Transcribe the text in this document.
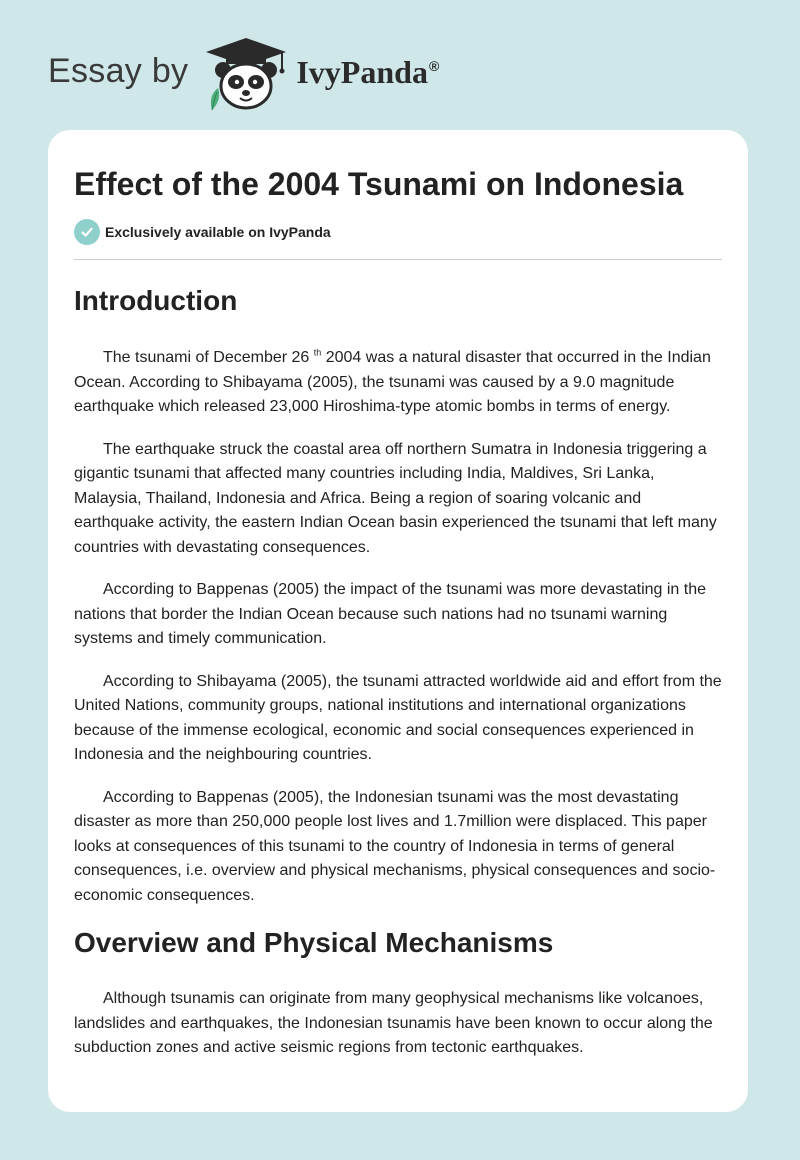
Essay by	IvyPanda®
Effect of the 2004 Tsunami on Indonesia
Exclusively available on IvyPanda
Introduction

The tsunami of December 26 $^{th}$ 2004 was a natural disaster that occurred in the Indian Ocean. According to Shibayama (2005), the tsunami was caused by a 9.0 magnitude earthquake which released 23,000 Hiroshima-type atomic bombs in terms of energy.

The earthquake struck the coastal area off northern Sumatra in Indonesia triggering a gigantic tsunami that affected many countries including India, Maldives, Sri Lanka, Malaysia, Thailand, Indonesia and Africa. Being a region of soaring volcanic and earthquake activity, the eastern Indian Ocean basin experienced the tsunami that left many countries with devastating consequences.

According to Bappenas (2005) the impact of the tsunami was more devastating in the nations that border the Indian Ocean because such nations had no tsunami warning systems and timely communication.

According to Shibayama (2005), the tsunami attracted worldwide aid and effort from the United Nations, community groups, national institutions and international organizations because of the immense ecological, economic and social consequences experienced in Indonesia and the neighbouring countries.

According to Bappenas (2005), the Indonesian tsunami was the most devastating disaster as more than 250,000 people lost lives and 1.7million were displaced. This paper looks at consequences of this tsunami to the country of Indonesia in terms of general consequences, i.e. overview and physical mechanisms, physical consequences and socio-economic consequences.

Overview and Physical Mechanisms

Although tsunamis can originate from many geophysical mechanisms like volcanoes, landslides and earthquakes, the Indonesian tsunamis have been known to occur along the subduction zones and active seismic regions from tectonic earthquakes.
